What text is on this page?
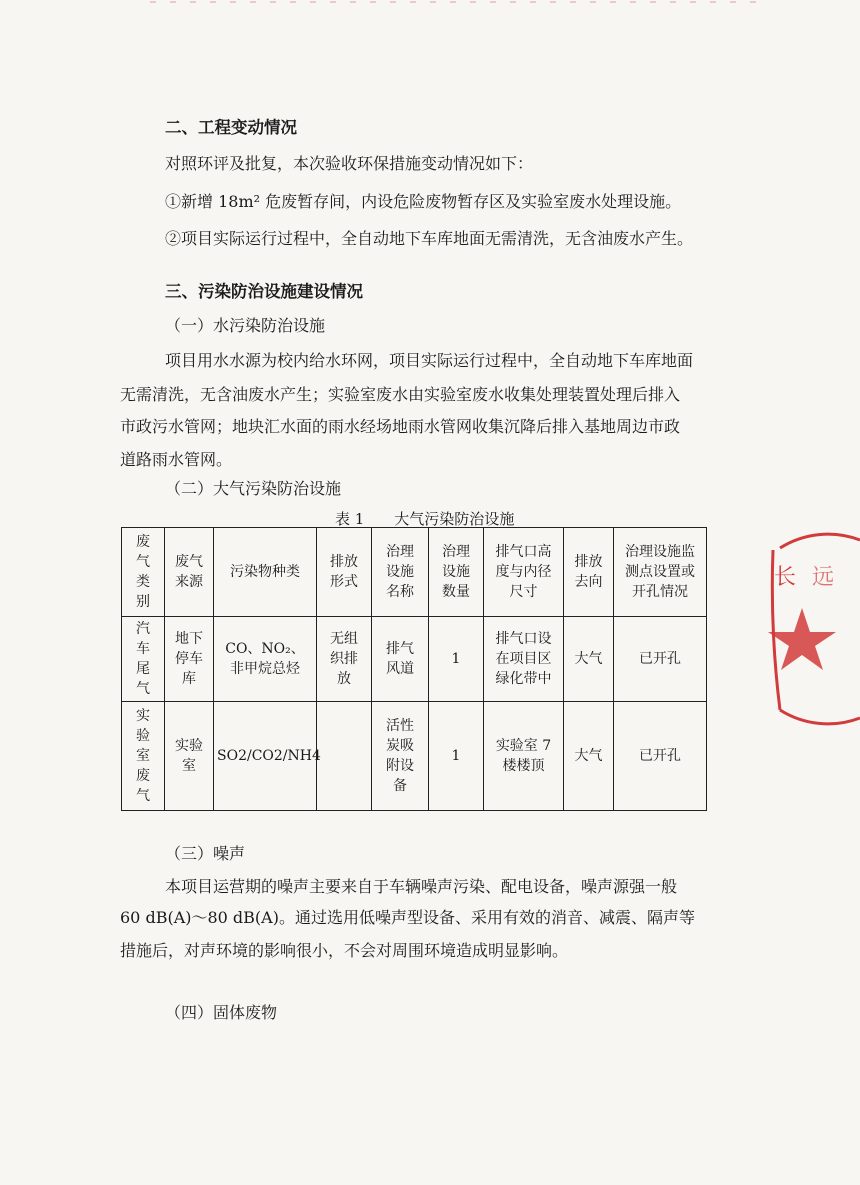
二、工程变动情况
对照环评及批复，本次验收环保措施变动情况如下：
①新增 18m² 危废暂存间，内设危险废物暂存区及实验室废水处理设施。
②项目实际运行过程中，全自动地下车库地面无需清洗，无含油废水产生。
三、污染防治设施建设情况
（一）水污染防治设施
项目用水水源为校内给水环网，项目实际运行过程中，全自动地下车库地面
无需清洗，无含油废水产生；实验室废水由实验室废水收集处理装置处理后排入
市政污水管网；地块汇水面的雨水经场地雨水管网收集沉降后排入基地周边市政
道路雨水管网。
（二）大气污染防治设施
表 1　　大气污染防治设施
废气类别	废气来源	污染物种类	排放形式	治理设施名称	治理设施数量	排气口高度与内径尺寸	排放去向	治理设施监测点设置或开孔情况
汽车尾气	地下停车库	CO、NO₂、非甲烷总烃	无组织排放	排气风道	1	排气口设在项目区绿化带中	大气	已开孔
实验室废气	实验室	SO2/CO2/NH4		活性炭吸附设备	1	实验室 7 楼楼顶	大气	已开孔
（三）噪声
本项目运营期的噪声主要来自于车辆噪声污染、配电设备，噪声源强一般
60 dB(A)～80 dB(A)。通过选用低噪声型设备、采用有效的消音、减震、隔声等
措施后，对声环境的影响很小，不会对周围环境造成明显影响。
（四）固体废物
长 远
